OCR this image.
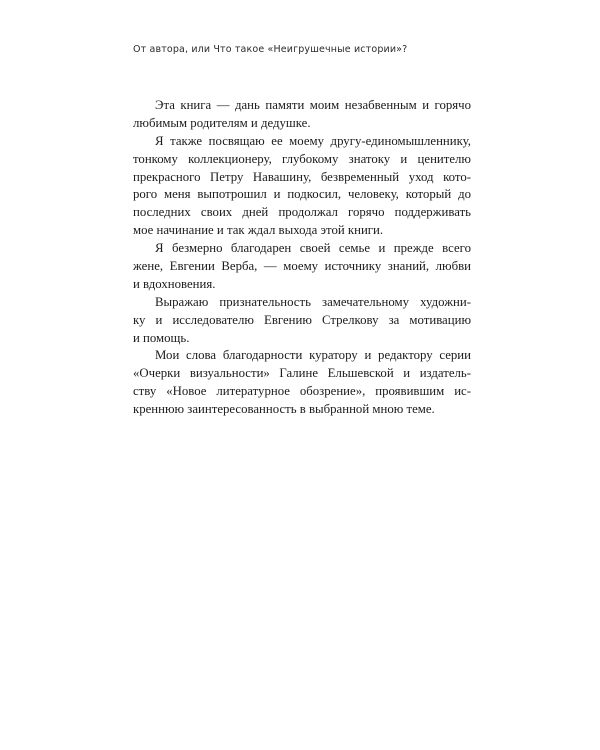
От автора, или Что такое «Неигрушечные истории»?

Эта книга — дань памяти моим незабвенным и горячо
любимым родителям и дедушке.

Я также посвящаю ее моему другу-единомышленнику,
тонкому коллекционеру, глубокому знатоку и ценителю
прекрасного Петру Навашину, безвременный уход кото-
рого меня выпотрошил и подкосил, человеку, который до
последних своих дней продолжал горячо поддерживать
мое начинание и так ждал выхода этой книги.

Я безмерно благодарен своей семье и прежде всего
жене, Евгении Верба, — моему источнику знаний, любви
и вдохновения.

Выражаю признательность замечательному художни-
ку и исследователю Евгению Стрелкову за мотивацию
и помощь.

Мои слова благодарности куратору и редактору серии
«Очерки визуальности» Галине Ельшевской и издатель-
ству «Новое литературное обозрение», проявившим ис-
креннюю заинтересованность в выбранной мною теме.
